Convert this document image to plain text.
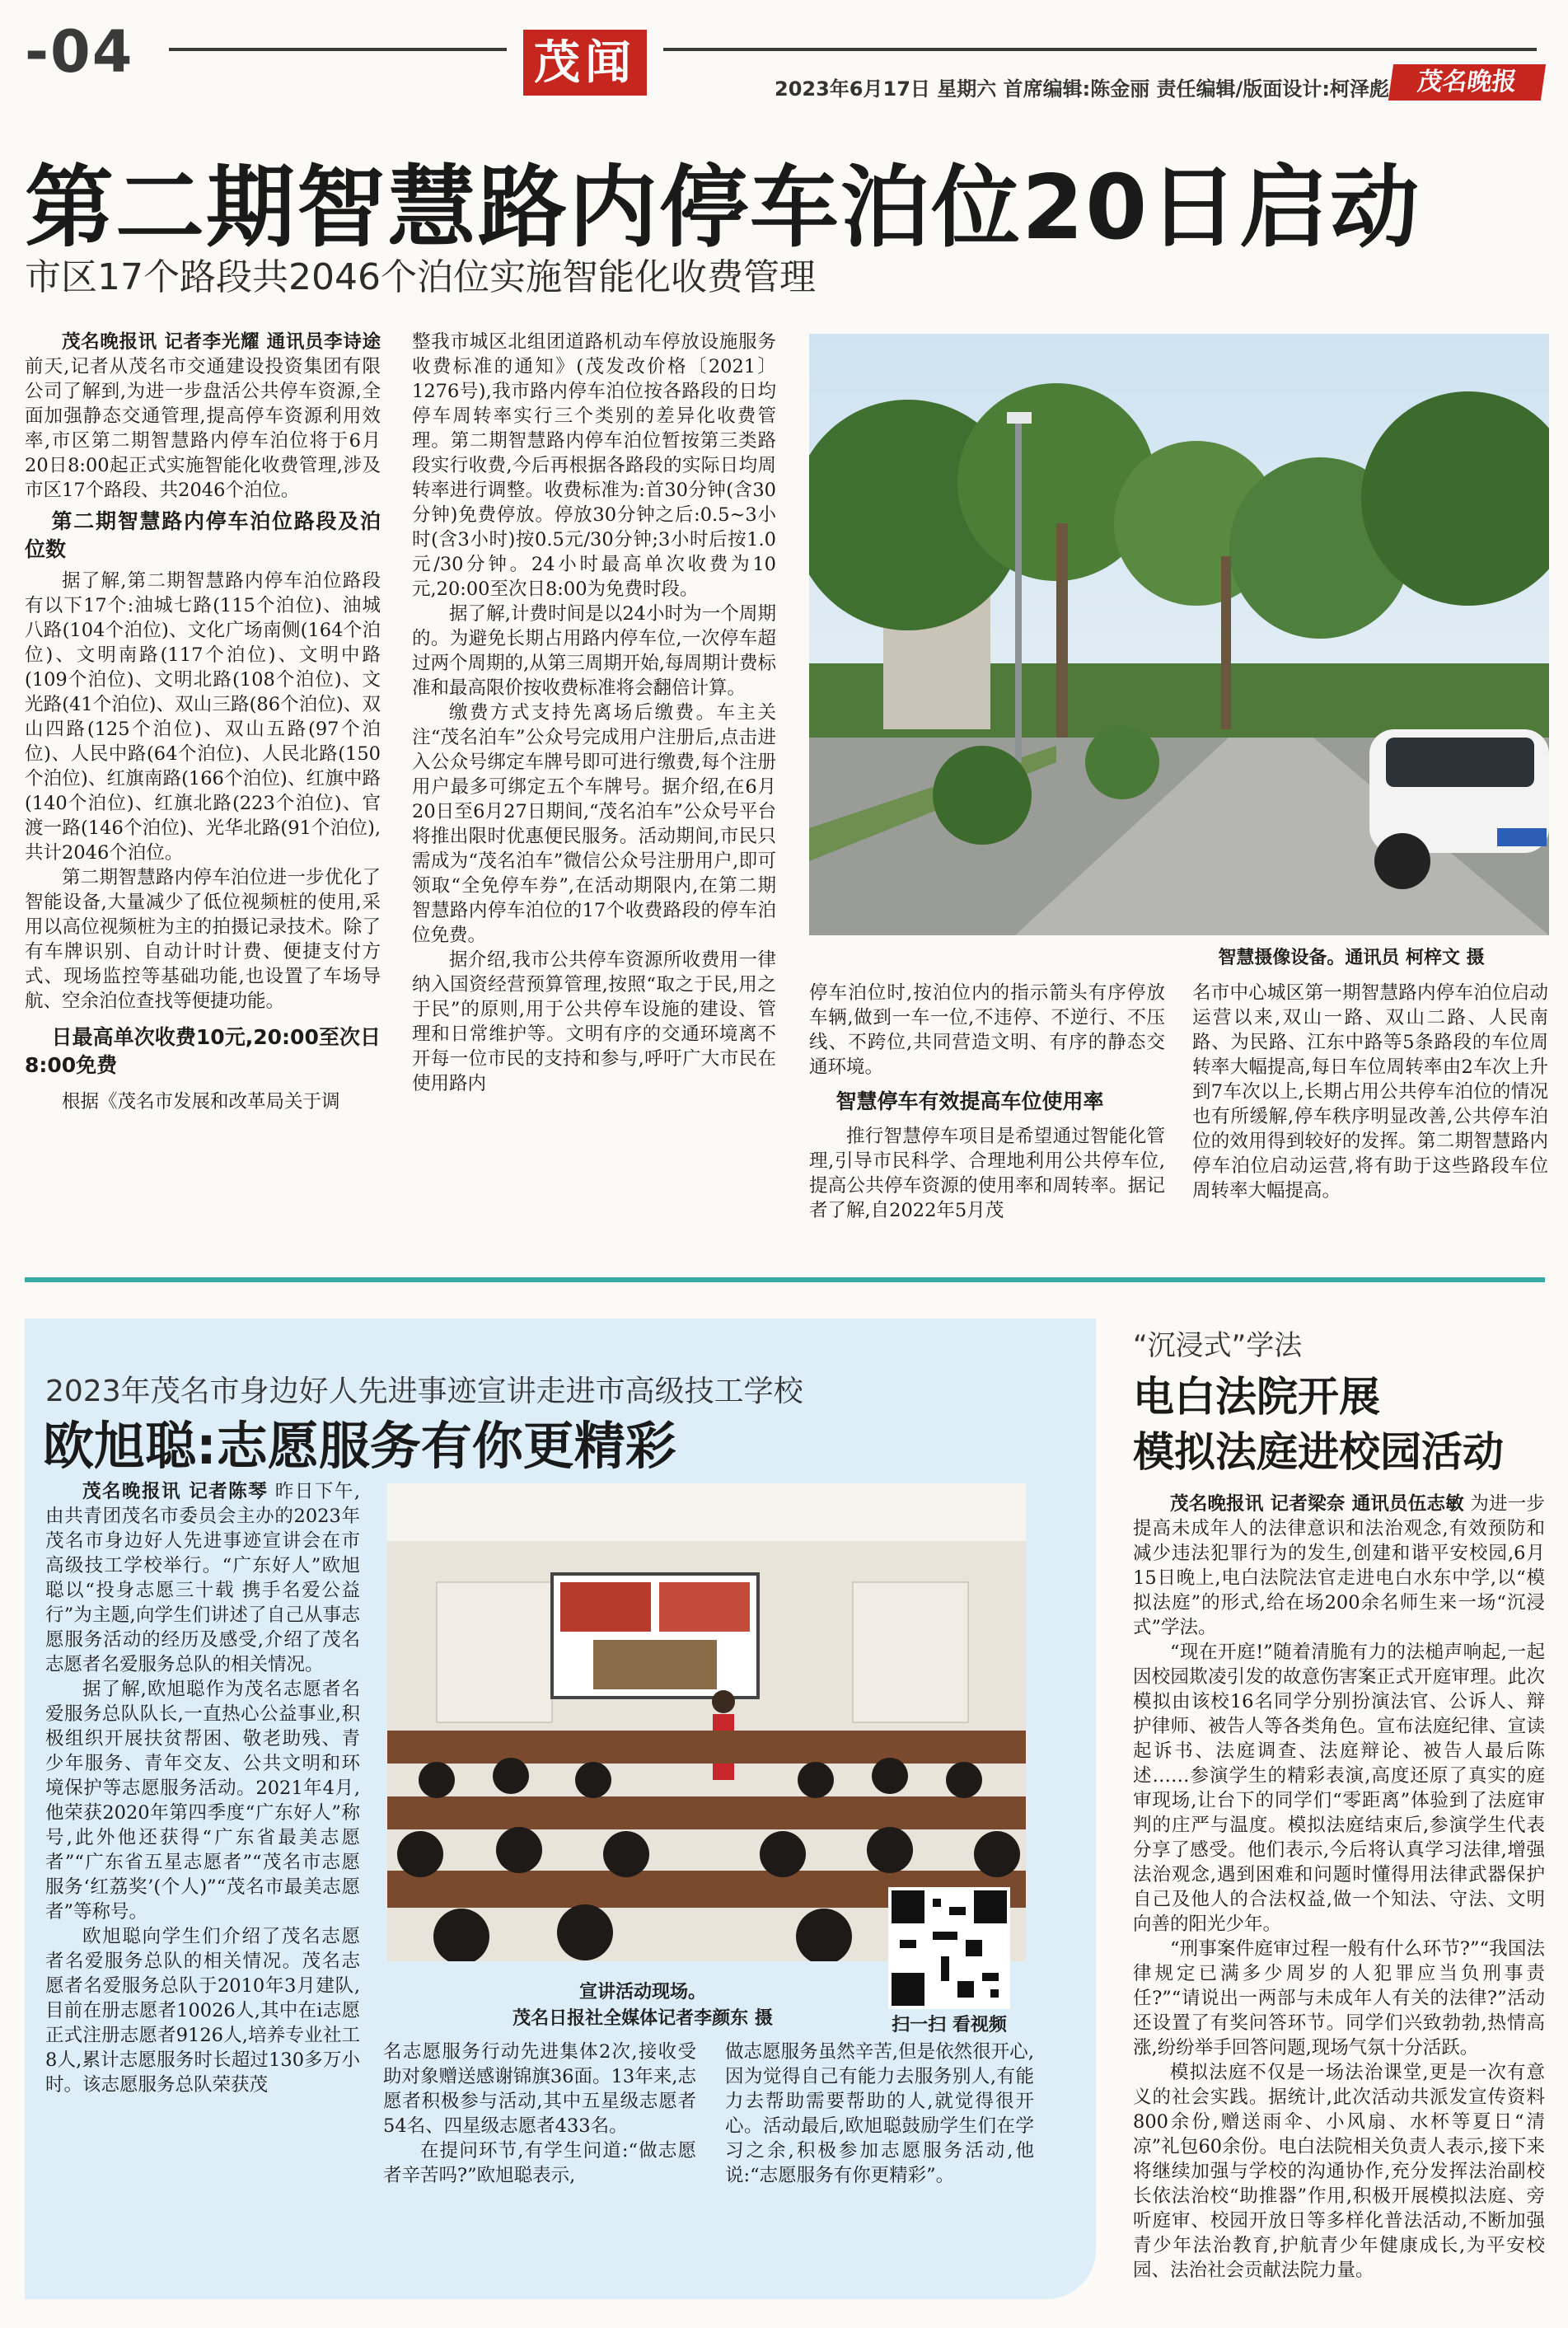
-04	茂闻	2023年6月17日 星期六 首席编辑:陈金丽 责任编辑/版面设计:柯泽彪	茂名晚报
第二期智慧路内停车泊位20日启动
市区17个路段共2046个泊位实施智能化收费管理

茂名晚报讯 记者李光耀 通讯员李诗途 前天,记者从茂名市交通建设投资集团有限公司了解到,为进一步盘活公共停车资源,全面加强静态交通管理,提高停车资源利用效率,市区第二期智慧路内停车泊位将于6月20日8:00起正式实施智能化收费管理,涉及市区17个路段、共2046个泊位。

第二期智慧路内停车泊位路段及泊位数

据了解,第二期智慧路内停车泊位路段有以下17个:油城七路(115个泊位)、油城八路(104个泊位)、文化广场南侧(164个泊位)、文明南路(117个泊位)、文明中路(109个泊位)、文明北路(108个泊位)、文光路(41个泊位)、双山三路(86个泊位)、双山四路(125个泊位)、双山五路(97个泊位)、人民中路(64个泊位)、人民北路(150个泊位)、红旗南路(166个泊位)、红旗中路(140个泊位)、红旗北路(223个泊位)、官渡一路(146个泊位)、光华北路(91个泊位),共计2046个泊位。

第二期智慧路内停车泊位进一步优化了智能设备,大量减少了低位视频桩的使用,采用以高位视频桩为主的拍摄记录技术。除了有车牌识别、自动计时计费、便捷支付方式、现场监控等基础功能,也设置了车场导航、空余泊位查找等便捷功能。

日最高单次收费10元,20:00至次日8:00免费

根据《茂名市发展和改革局关于调

整我市城区北组团道路机动车停放设施服务收费标准的通知》(茂发改价格〔2021〕1276号),我市路内停车泊位按各路段的日均停车周转率实行三个类别的差异化收费管理。第二期智慧路内停车泊位暂按第三类路段实行收费,今后再根据各路段的实际日均周转率进行调整。收费标准为:首30分钟(含30分钟)免费停放。停放30分钟之后:0.5~3小时(含3小时)按0.5元/30分钟;3小时后按1.0元/30分钟。24小时最高单次收费为10元,20:00至次日8:00为免费时段。

据了解,计费时间是以24小时为一个周期的。为避免长期占用路内停车位,一次停车超过两个周期的,从第三周期开始,每周期计费标准和最高限价按收费标准将会翻倍计算。

缴费方式支持先离场后缴费。车主关注“茂名泊车”公众号完成用户注册后,点击进入公众号绑定车牌号即可进行缴费,每个注册用户最多可绑定五个车牌号。据介绍,在6月20日至6月27日期间,“茂名泊车”公众号平台将推出限时优惠便民服务。活动期间,市民只需成为“茂名泊车”微信公众号注册用户,即可领取“全免停车券”,在活动期限内,在第二期智慧路内停车泊位的17个收费路段的停车泊位免费。

据介绍,我市公共停车资源所收费用一律纳入国资经营预算管理,按照“取之于民,用之于民”的原则,用于公共停车设施的建设、管理和日常维护等。文明有序的交通环境离不开每一位市民的支持和参与,呼吁广大市民在使用路内

智慧摄像设备。通讯员 柯梓文 摄

停车泊位时,按泊位内的指示箭头有序停放车辆,做到一车一位,不违停、不逆行、不压线、不跨位,共同营造文明、有序的静态交通环境。

智慧停车有效提高车位使用率

推行智慧停车项目是希望通过智能化管理,引导市民科学、合理地利用公共停车位,提高公共停车资源的使用率和周转率。据记者了解,自2022年5月茂

名市中心城区第一期智慧路内停车泊位启动运营以来,双山一路、双山二路、人民南路、为民路、江东中路等5条路段的车位周转率大幅提高,每日车位周转率由2车次上升到7车次以上,长期占用公共停车泊位的情况也有所缓解,停车秩序明显改善,公共停车泊位的效用得到较好的发挥。第二期智慧路内停车泊位启动运营,将有助于这些路段车位周转率大幅提高。

2023年茂名市身边好人先进事迹宣讲走进市高级技工学校
欧旭聪:志愿服务有你更精彩

茂名晚报讯 记者陈琴 昨日下午,由共青团茂名市委员会主办的2023年茂名市身边好人先进事迹宣讲会在市高级技工学校举行。“广东好人”欧旭聪以“投身志愿三十载 携手名爱公益行”为主题,向学生们讲述了自己从事志愿服务活动的经历及感受,介绍了茂名志愿者名爱服务总队的相关情况。

据了解,欧旭聪作为茂名志愿者名爱服务总队队长,一直热心公益事业,积极组织开展扶贫帮困、敬老助残、青少年服务、青年交友、公共文明和环境保护等志愿服务活动。2021年4月,他荣获2020年第四季度“广东好人”称号,此外他还获得“广东省最美志愿者”“广东省五星志愿者”“茂名市志愿服务‘红荔奖’(个人)”“茂名市最美志愿者”等称号。

欧旭聪向学生们介绍了茂名志愿者名爱服务总队的相关情况。茂名志愿者名爱服务总队于2010年3月建队,目前在册志愿者10026人,其中在i志愿正式注册志愿者9126人,培养专业社工8人,累计志愿服务时长超过130多万小时。该志愿服务总队荣获茂

宣讲活动现场。
茂名日报社全媒体记者李颜东 摄	扫一扫 看视频

名志愿服务行动先进集体2次,接收受助对象赠送感谢锦旗36面。13年来,志愿者积极参与活动,其中五星级志愿者54名、四星级志愿者433名。

在提问环节,有学生问道:“做志愿者辛苦吗?”欧旭聪表示,

做志愿服务虽然辛苦,但是依然很开心,因为觉得自己有能力去服务别人,有能力去帮助需要帮助的人,就觉得很开心。活动最后,欧旭聪鼓励学生们在学习之余,积极参加志愿服务活动,他说:“志愿服务有你更精彩”。

“沉浸式”学法
电白法院开展
模拟法庭进校园活动

茂名晚报讯 记者梁奈 通讯员伍志敏 为进一步提高未成年人的法律意识和法治观念,有效预防和减少违法犯罪行为的发生,创建和谐平安校园,6月15日晚上,电白法院法官走进电白水东中学,以“模拟法庭”的形式,给在场200余名师生来一场“沉浸式”学法。

“现在开庭!”随着清脆有力的法槌声响起,一起因校园欺凌引发的故意伤害案正式开庭审理。此次模拟由该校16名同学分别扮演法官、公诉人、辩护律师、被告人等各类角色。宣布法庭纪律、宣读起诉书、法庭调查、法庭辩论、被告人最后陈述……参演学生的精彩表演,高度还原了真实的庭审现场,让台下的同学们“零距离”体验到了法庭审判的庄严与温度。模拟法庭结束后,参演学生代表分享了感受。他们表示,今后将认真学习法律,增强法治观念,遇到困难和问题时懂得用法律武器保护自己及他人的合法权益,做一个知法、守法、文明向善的阳光少年。

“刑事案件庭审过程一般有什么环节?”“我国法律规定已满多少周岁的人犯罪应当负刑事责任?”“请说出一两部与未成年人有关的法律?”活动还设置了有奖问答环节。同学们兴致勃勃,热情高涨,纷纷举手回答问题,现场气氛十分活跃。

模拟法庭不仅是一场法治课堂,更是一次有意义的社会实践。据统计,此次活动共派发宣传资料800余份,赠送雨伞、小风扇、水杯等夏日“清凉”礼包60余份。电白法院相关负责人表示,接下来将继续加强与学校的沟通协作,充分发挥法治副校长依法治校“助推器”作用,积极开展模拟法庭、旁听庭审、校园开放日等多样化普法活动,不断加强青少年法治教育,护航青少年健康成长,为平安校园、法治社会贡献法院力量。
